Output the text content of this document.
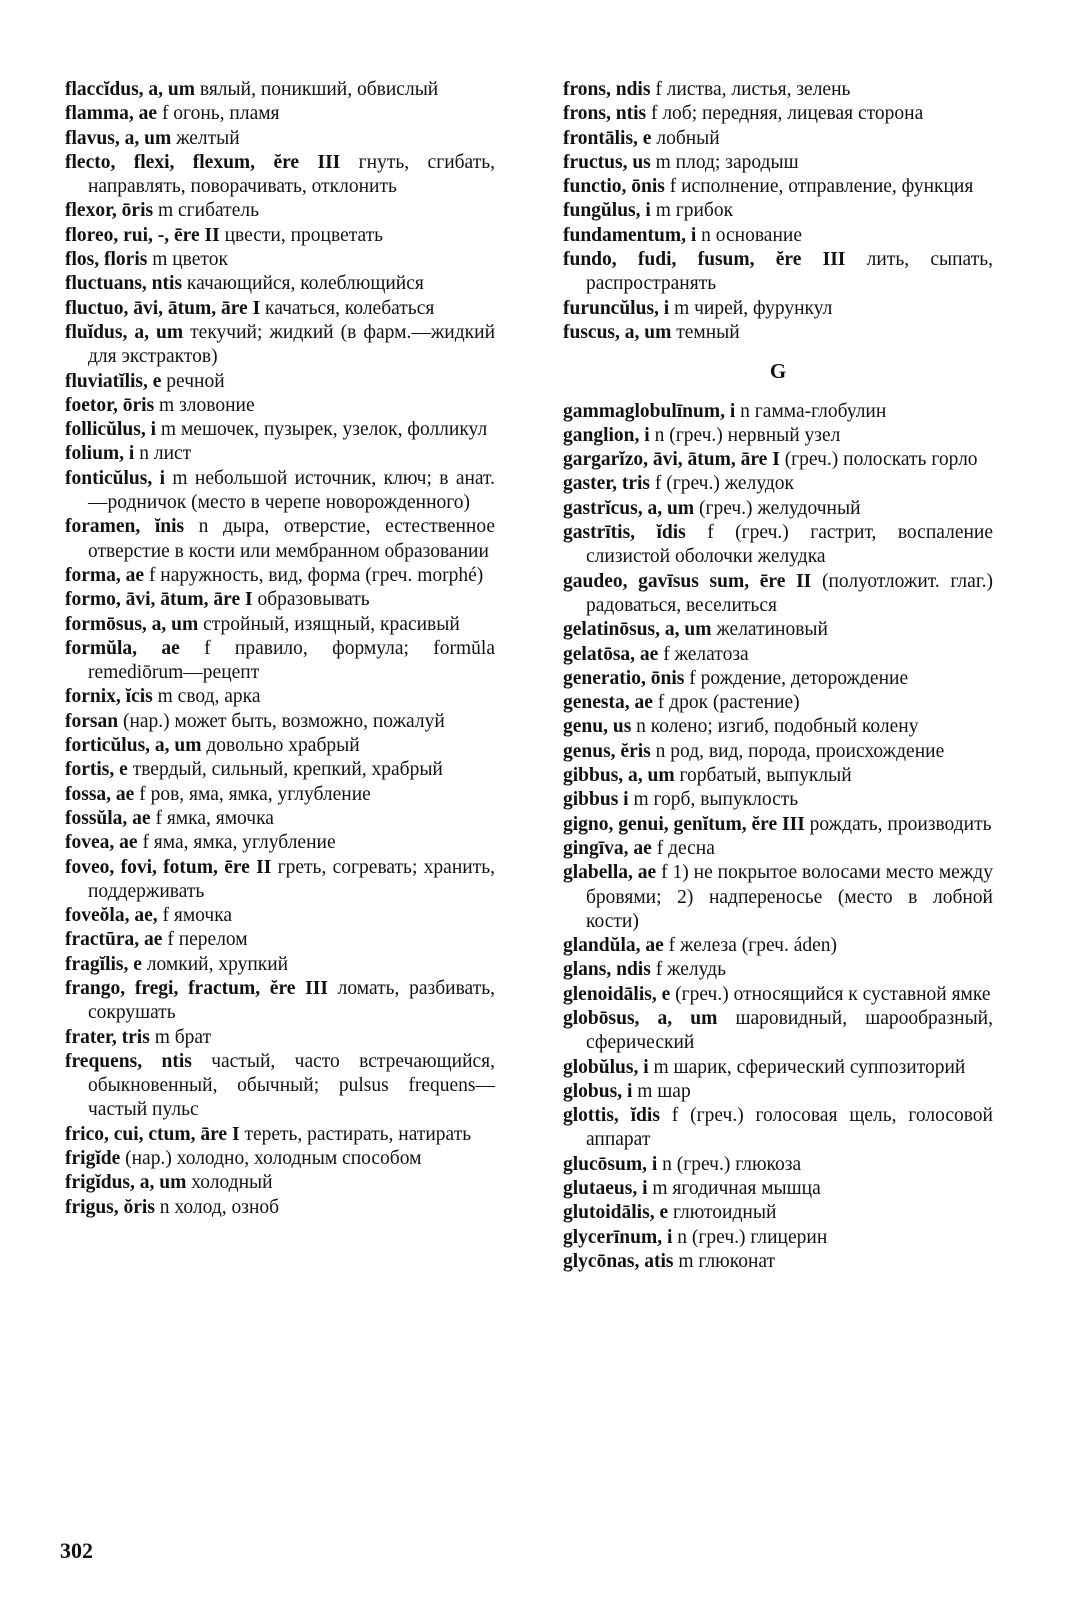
flaccĭdus, a, um вялый, поникший, обвислый

flamma, ae f огонь, пламя

flavus, a, um желтый

flecto, flexi, flexum, ĕre III гнуть, сгибать, направлять, поворачивать, отклонить

flexor, ōris m сгибатель

floreo, rui, -, ēre II цвести, процветать

flos, floris m цветок

fluctuans, ntis качающийся, колеблющийся

fluctuo, āvi, ātum, āre I качаться, колебаться

fluĭdus, a, um текучий; жидкий (в фарм.—жидкий для экстрактов)

fluviatĭlis, e речной

foetor, ōris m зловоние

follicŭlus, i m мешочек, пузырек, узелок, фолликул

folium, i n лист

fonticŭlus, i m небольшой источник, ключ; в анат.—родничок (место в черепе новорожденного)

foramen, ĭnis n дыра, отверстие, естественное отверстие в кости или мембранном образовании

forma, ae f наружность, вид, форма (греч. morphé)

formo, āvi, ātum, āre I образовывать

formōsus, a, um стройный, изящный, красивый

formŭla, ae f правило, формула; formŭla remediōrum—рецепт

fornix, ĭcis m свод, арка

forsan (нар.) может быть, возможно, пожалуй

forticŭlus, a, um довольно храбрый

fortis, e твердый, сильный, крепкий, храбрый

fossa, ae f ров, яма, ямка, углубление

fossŭla, ae f ямка, ямочка

fovea, ae f яма, ямка, углубление

foveo, fovi, fotum, ēre II греть, согревать; хранить, поддерживать

foveŏla, ae, f ямочка

fractūra, ae f перелом

fragĭlis, e ломкий, хрупкий

frango, fregi, fractum, ĕre III ломать, разбивать, сокрушать

frater, tris m брат

frequens, ntis частый, часто встречающийся, обыкновенный, обычный; pulsus frequens—частый пульс

frico, cui, ctum, āre I тереть, растирать, натирать

frigĭde (нар.) холодно, холодным способом

frigĭdus, a, um холодный

frigus, ŏris n холод, озноб

frons, ndis f листва, листья, зелень

frons, ntis f лоб; передняя, лицевая сторона

frontālis, e лобный

fructus, us m плод; зародыш

functio, ōnis f исполнение, отправление, функция

fungŭlus, i m грибок

fundamentum, i n основание

fundo, fudi, fusum, ĕre III лить, сыпать, распространять

furuncŭlus, i m чирей, фурункул

fuscus, a, um темный

G

gammaglobulīnum, i n гамма-глобулин

ganglion, i n (греч.) нервный узел

gargarĭzo, āvi, ātum, āre I (греч.) полоскать горло

gaster, tris f (греч.) желудок

gastrĭcus, a, um (греч.) желудочный

gastrītis, ĭdis f (греч.) гастрит, воспаление слизистой оболочки желудка

gaudeo, gavīsus sum, ēre II (полуотложит. глаг.) радоваться, веселиться

gelatinōsus, a, um желатиновый

gelatōsa, ae f желатоза

generatio, ōnis f рождение, деторождение

genesta, ae f дрок (растение)

genu, us n колено; изгиб, подобный колену

genus, ĕris n род, вид, порода, происхождение

gibbus, a, um горбатый, выпуклый

gibbus i m горб, выпуклость

gigno, genui, genĭtum, ĕre III рождать, производить

gingīva, ae f десна

glabella, ae f 1) не покрытое волосами место между бровями; 2) надпереносье (место в лобной кости)

glandŭla, ae f железа (греч. áden)

glans, ndis f желудь

glenoidālis, e (греч.) относящийся к суставной ямке

globōsus, a, um шаровидный, шарообразный, сферический

globŭlus, i m шарик, сферический суппозиторий

globus, i m шар

glottis, ĭdis f (греч.) голосовая щель, голосовой аппарат

glucōsum, i n (греч.) глюкоза

glutaeus, i m ягодичная мышца

glutoidālis, e глютоидный

glycerīnum, i n (греч.) глицерин

glycōnas, atis m глюконат

302
